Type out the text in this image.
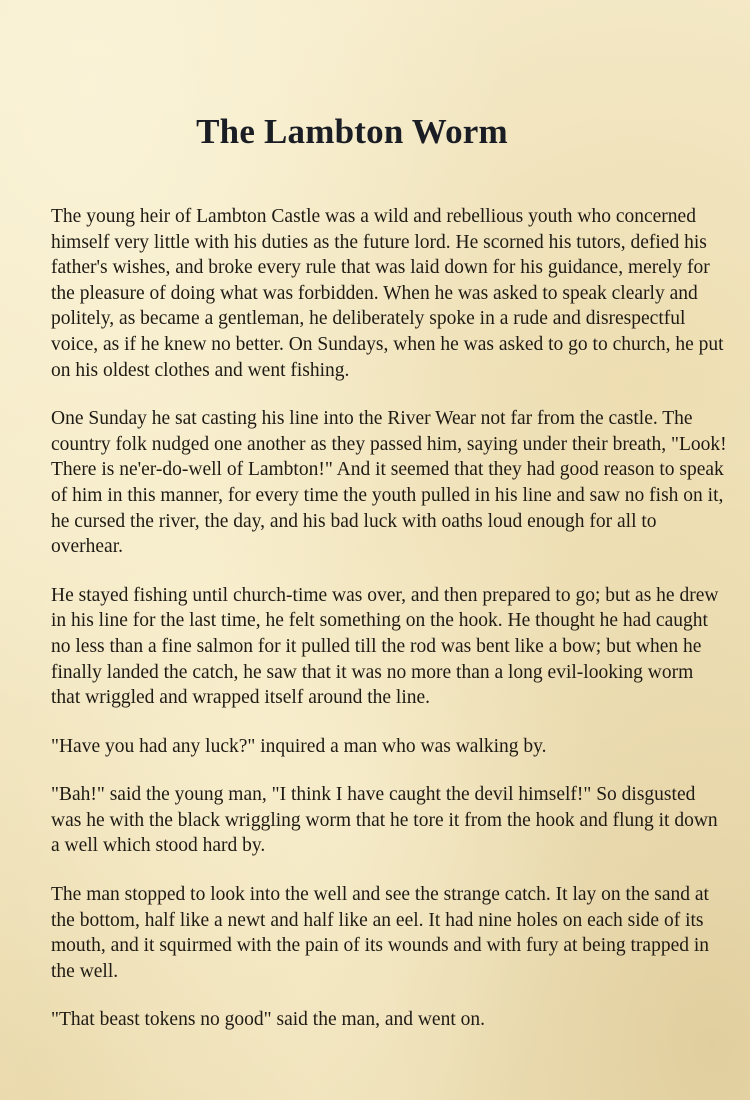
The Lambton Worm

The young heir of Lambton Castle was a wild and rebellious youth who concerned himself very little with his duties as the future lord. He scorned his tutors, defied his father's wishes, and broke every rule that was laid down for his guidance, merely for the pleasure of doing what was forbidden. When he was asked to speak clearly and politely, as became a gentleman, he deliberately spoke in a rude and disrespectful voice, as if he knew no better. On Sundays, when he was asked to go to church, he put on his oldest clothes and went fishing.

One Sunday he sat casting his line into the River Wear not far from the castle. The country folk nudged one another as they passed him, saying under their breath, "Look! There is ne'er-do-well of Lambton!" And it seemed that they had good reason to speak of him in this manner, for every time the youth pulled in his line and saw no fish on it, he cursed the river, the day, and his bad luck with oaths loud enough for all to overhear.

He stayed fishing until church-time was over, and then prepared to go; but as he drew in his line for the last time, he felt something on the hook. He thought he had caught no less than a fine salmon for it pulled till the rod was bent like a bow; but when he finally landed the catch, he saw that it was no more than a long evil-looking worm that wriggled and wrapped itself around the line.

"Have you had any luck?" inquired a man who was walking by.

"Bah!" said the young man, "I think I have caught the devil himself!" So disgusted was he with the black wriggling worm that he tore it from the hook and flung it down a well which stood hard by.

The man stopped to look into the well and see the strange catch. It lay on the sand at the bottom, half like a newt and half like an eel. It had nine holes on each side of its mouth, and it squirmed with the pain of its wounds and with fury at being trapped in the well.

"That beast tokens no good" said the man, and went on.
